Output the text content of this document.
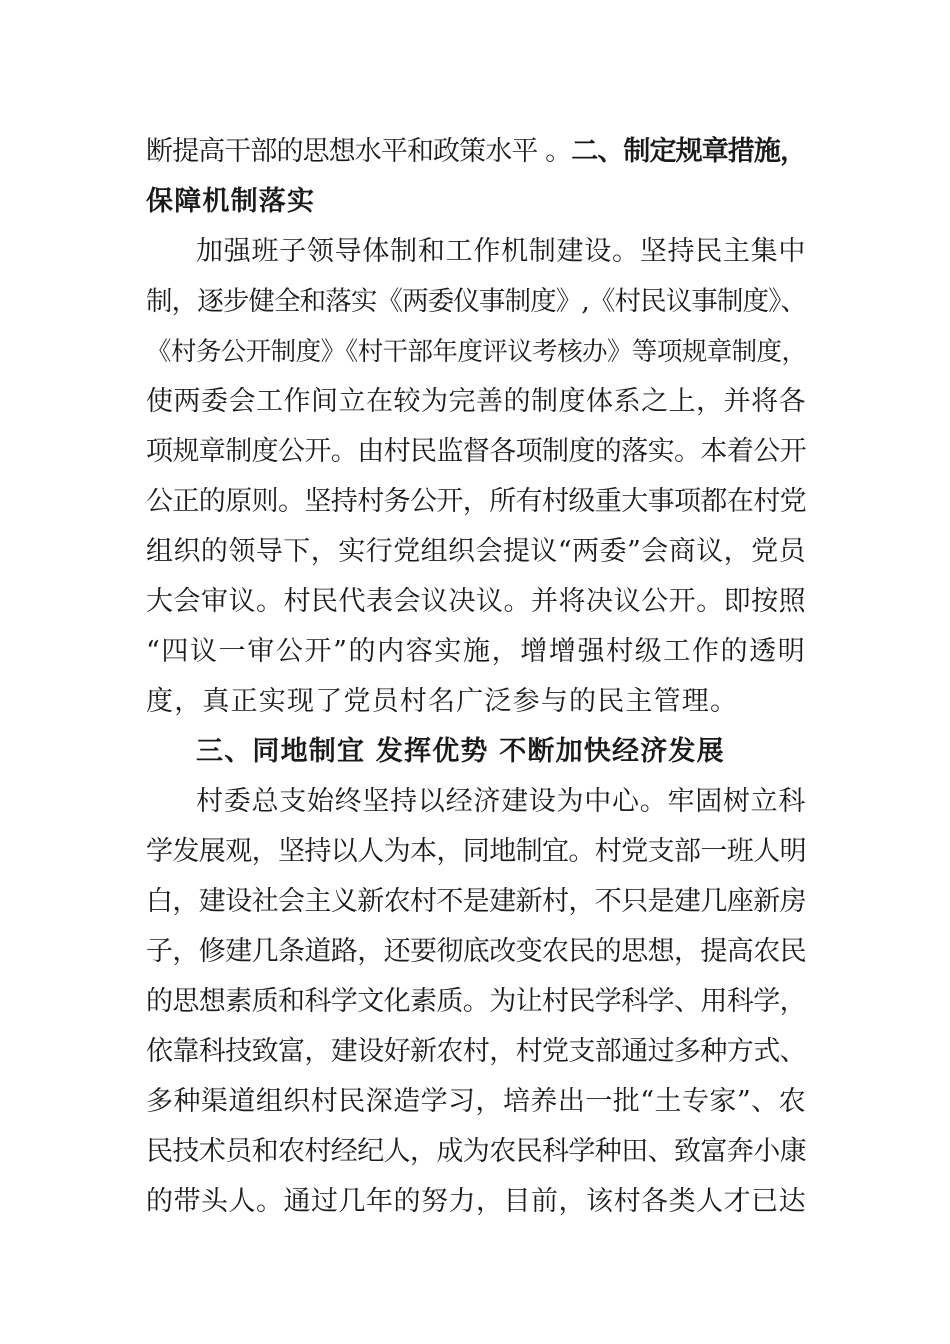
断提高干部的思想水平和政策水平 。二、制定规章措施，
保障机制落实
加强班子领导体制和工作机制建设。坚持民主集中
制，逐步健全和落实《两委仪事制度》,《村民议事制度》、
《村务公开制度》《村干部年度评议考核办》等项规章制度，
使两委会工作间立在较为完善的制度体系之上，并将各
项规章制度公开。由村民监督各项制度的落实。本着公开
公正的原则。坚持村务公开，所有村级重大事项都在村党
组织的领导下，实行党组织会提议“两委”会商议，党员
大会审议。村民代表会议决议。并将决议公开。即按照
“四议一审公开”的内容实施，增增强村级工作的透明
度，真正实现了党员村名广泛参与的民主管理。
三、同地制宜 发挥优势 不断加快经济发展
村委总支始终坚持以经济建设为中心。牢固树立科
学发展观，坚持以人为本，同地制宜。村党支部一班人明
白，建设社会主义新农村不是建新村，不只是建几座新房
子，修建几条道路，还要彻底改变农民的思想，提高农民
的思想素质和科学文化素质。为让村民学科学、用科学，
依靠科技致富，建设好新农村，村党支部通过多种方式、
多种渠道组织村民深造学习，培养出一批“土专家”、农
民技术员和农村经纪人，成为农民科学种田、致富奔小康
的带头人。通过几年的努力，目前，该村各类人才已达
